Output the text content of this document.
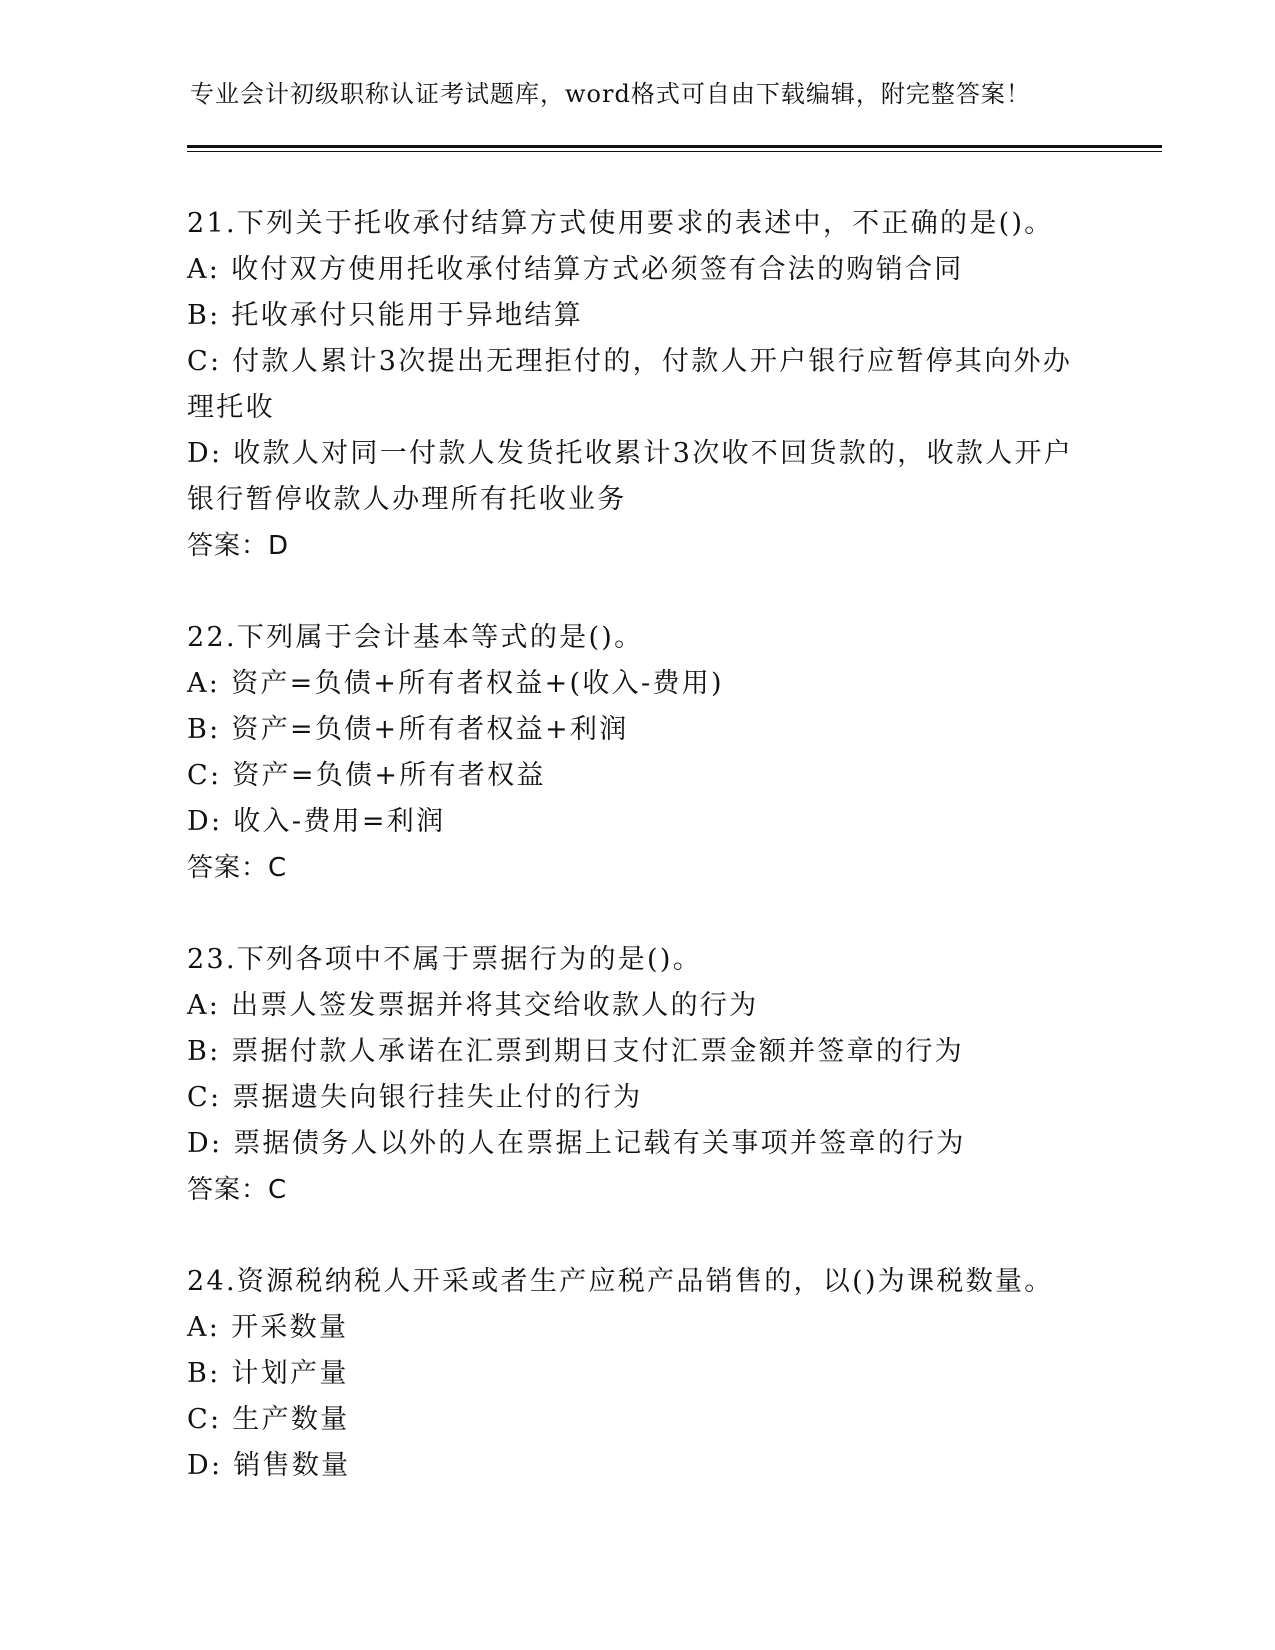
专业会计初级职称认证考试题库，word格式可自由下载编辑，附完整答案！
21.下列关于托收承付结算方式使用要求的表述中，不正确的是()。
A: 收付双方使用托收承付结算方式必须签有合法的购销合同
B: 托收承付只能用于异地结算
C: 付款人累计3次提出无理拒付的，付款人开户银行应暂停其向外办理托收
D: 收款人对同一付款人发货托收累计3次收不回货款的，收款人开户银行暂停收款人办理所有托收业务
答案：D
22.下列属于会计基本等式的是()。
A: 资产=负债+所有者权益+(收入-费用)
B: 资产=负债+所有者权益+利润
C: 资产=负债+所有者权益
D: 收入-费用=利润
答案：C
23.下列各项中不属于票据行为的是()。
A: 出票人签发票据并将其交给收款人的行为
B: 票据付款人承诺在汇票到期日支付汇票金额并签章的行为
C: 票据遗失向银行挂失止付的行为
D: 票据债务人以外的人在票据上记载有关事项并签章的行为
答案：C
24.资源税纳税人开采或者生产应税产品销售的，以()为课税数量。
A: 开采数量
B: 计划产量
C: 生产数量
D: 销售数量
